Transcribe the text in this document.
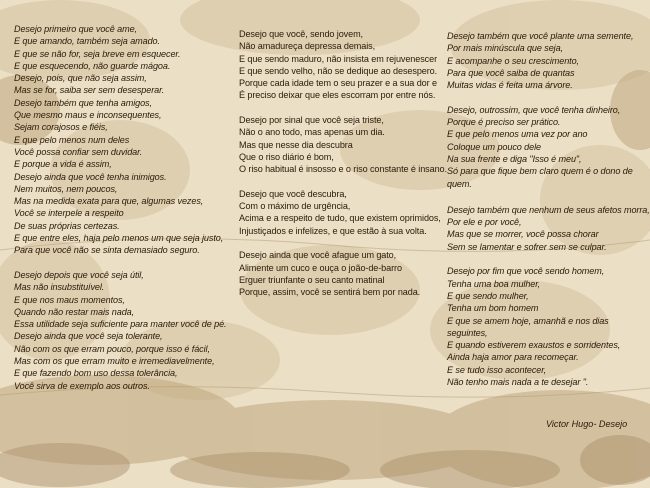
Desejo primeiro que você ame,
E que amando, também seja amado.
E que se não for, seja breve em esquecer.
E que esquecendo, não guarde mágoa.
Desejo, pois, que não seja assim,
Mas se for, saiba ser sem desesperar.
Desejo também que tenha amigos,
Que mesmo maus e inconsequentes,
Sejam corajosos e fiéis,
E que pelo menos num deles
Você possa confiar sem duvidar.
E porque a vida é assim,
Desejo ainda que você tenha inimigos.
Nem muitos, nem poucos,
Mas na medida exata para que, algumas vezes,
Você se interpele a respeito
De suas próprias certezas.
E que entre eles, haja pelo menos um que seja justo,
Para que você não se sinta demasiado seguro.
Desejo depois que você seja útil,
Mas não insubstituível.
E que nos maus momentos,
Quando não restar mais nada,
Essa utilidade seja suficiente para manter você de pé.
Desejo ainda que você seja tolerante,
Não com os que erram pouco, porque isso é fácil,
Mas com os que erram muito e irremediavelmente,
E que fazendo bom uso dessa tolerância,
Você sirva de exemplo aos outros.
Desejo que você, sendo jovem,
Não amadureça depressa demais,
E que sendo maduro, não insista em rejuvenescer
E que sendo velho, não se dedique ao desespero.
Porque cada idade tem o seu prazer e a sua dor e
É preciso deixar que eles escorram por entre nós.
Desejo por sinal que você seja triste,
Não o ano todo, mas apenas um dia.
Mas que nesse dia descubra
Que o riso diário é bom,
O riso habitual é insosso e o riso constante é insano.
Desejo que você descubra,
Com o máximo de urgência,
Acima e a respeito de tudo, que existem oprimidos,
Injustiçados e infelizes, e que estão à sua volta.
Desejo ainda que você afague um gato,
Alimente um cuco e ouça o joão-de-barro
Erguer triunfante o seu canto matinal
Porque, assim, você se sentirá bem por nada.
Desejo também que você plante uma semente,
Por mais minúscula que seja,
E acompanhe o seu crescimento,
Para que você saiba de quantas
Muitas vidas é feita uma árvore.
Desejo, outrossim, que você tenha dinheiro,
Porque é preciso ser prático.
E que pelo menos uma vez por ano
Coloque um pouco dele
Na sua frente e diga "Isso é meu",
Só para que fique bem claro quem é o dono de quem.
Desejo também que nenhum de seus afetos morra,
Por ele e por você,
Mas que se morrer, você possa chorar
Sem se lamentar e sofrer sem se culpar.
Desejo por fim que você sendo homem,
Tenha uma boa mulher,
E que sendo mulher,
Tenha um bom homem
E que se amem hoje, amanhã e nos dias seguintes,
E quando estiverem exaustos e sorridentes,
Ainda haja amor para recomeçar.
E se tudo isso acontecer,
Não tenho mais nada a te desejar ".
Victor Hugo- Desejo
